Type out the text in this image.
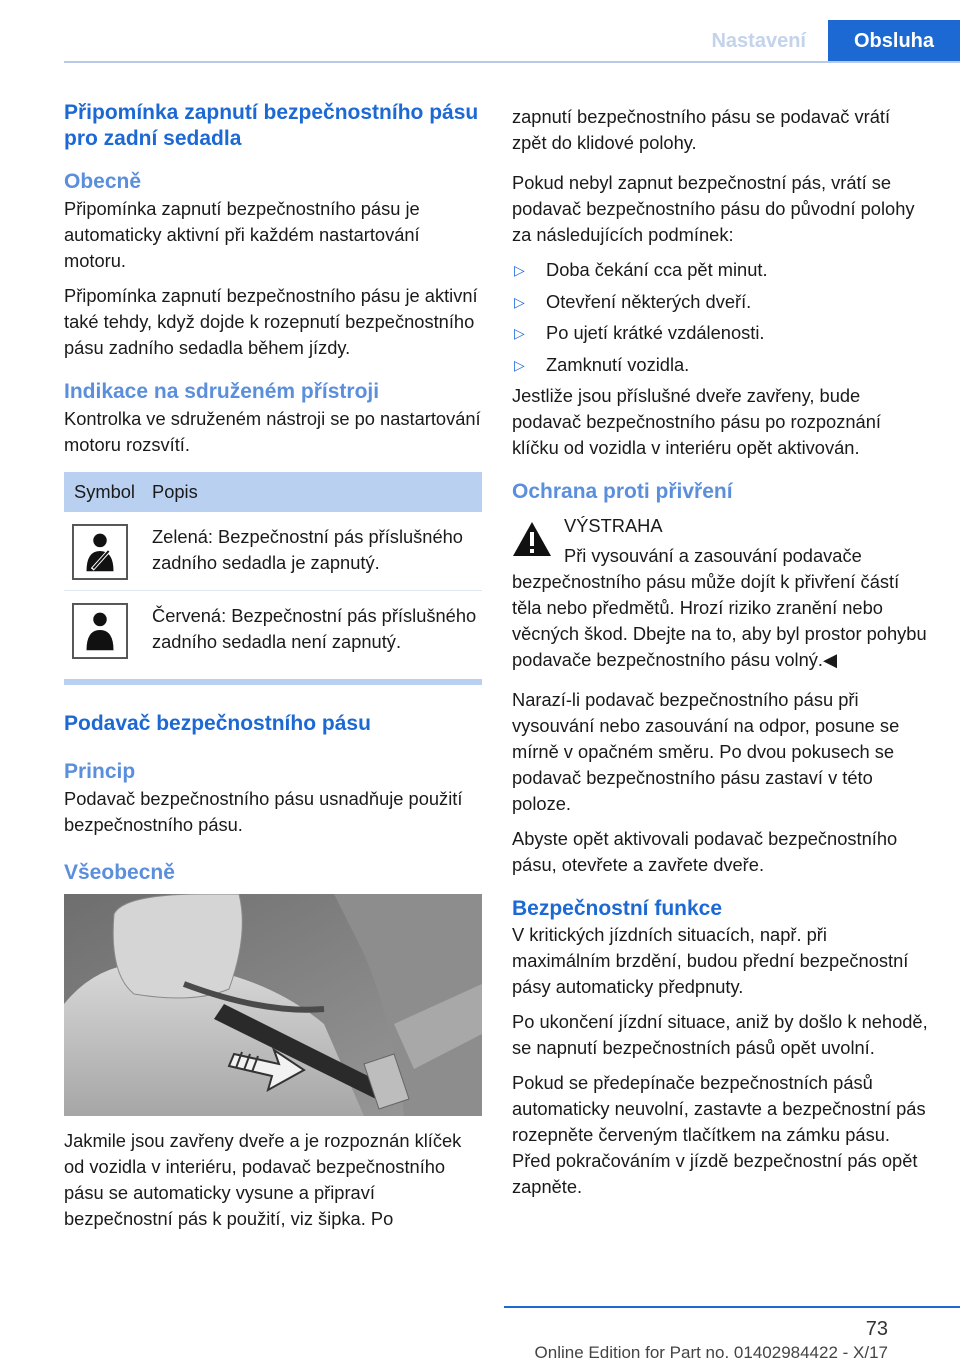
Nastavení	Obsluha
Připomínka zapnutí bezpečnostního pásu pro zadní sedadla
Obecně

Připomínka zapnutí bezpečnostního pásu je automaticky aktivní při každém nastartování motoru.

Připomínka zapnutí bezpečnostního pásu je aktivní také tehdy, když dojde k rozepnutí bezpečnostního pásu zadního sedadla během jízdy.

Indikace na sdruženém přístroji

Kontrolka ve sdruženém nástroji se po nastartování motoru rozsvítí.

Symbol Popis
Zelená: Bezpečnostní pás příslušného zadního sedadla je zapnutý.
Červená: Bezpečnostní pás příslušného zadního sedadla není zapnutý.
Podavač bezpečnostního pásu
Princip

Podavač bezpečnostního pásu usnadňuje použití bezpečnostního pásu.

Všeobecně

Jakmile jsou zavřeny dveře a je rozpoznán klíček od vozidla v interiéru, podavač bezpečnostního pásu se automaticky vysune a připraví bezpečnostní pás k použití, viz šipka. Po

zapnutí bezpečnostního pásu se podavač vrátí zpět do klidové polohy.

Pokud nebyl zapnut bezpečnostní pás, vrátí se podavač bezpečnostního pásu do původní polohy za následujících podmínek:

▷	Doba čekání cca pět minut.
▷	Otevření některých dveří.
▷	Po ujetí krátké vzdálenosti.
▷	Zamknutí vozidla.

Jestliže jsou příslušné dveře zavřeny, bude podavač bezpečnostního pásu po rozpoznání klíčku od vozidla v interiéru opět aktivován.

Ochrana proti přivření
VÝSTRAHA
Při vysouvání a zasouvání podavače bezpečnostního pásu může dojít k přivření částí těla nebo předmětů. Hrozí riziko zranění nebo věcných škod. Dbejte na to, aby byl prostor pohybu podavače bezpečnostního pásu volný.◀

Narazí-li podavač bezpečnostního pásu při vysouvání nebo zasouvání na odpor, posune se mírně v opačném směru. Po dvou pokusech se podavač bezpečnostního pásu zastaví v této poloze.

Abyste opět aktivovali podavač bezpečnostního pásu, otevřete a zavřete dveře.

Bezpečnostní funkce

V kritických jízdních situacích, např. při maximálním brzdění, budou přední bezpečnostní pásy automaticky předpnuty.

Po ukončení jízdní situace, aniž by došlo k nehodě, se napnutí bezpečnostních pásů opět uvolní.

Pokud se předepínače bezpečnostních pásů automaticky neuvolní, zastavte a bezpečnostní pás rozepněte červeným tlačítkem na zámku pásu. Před pokračováním v jízdě bezpečnostní pás opět zapněte.

73
Online Edition for Part no. 01402984422 - X/17
